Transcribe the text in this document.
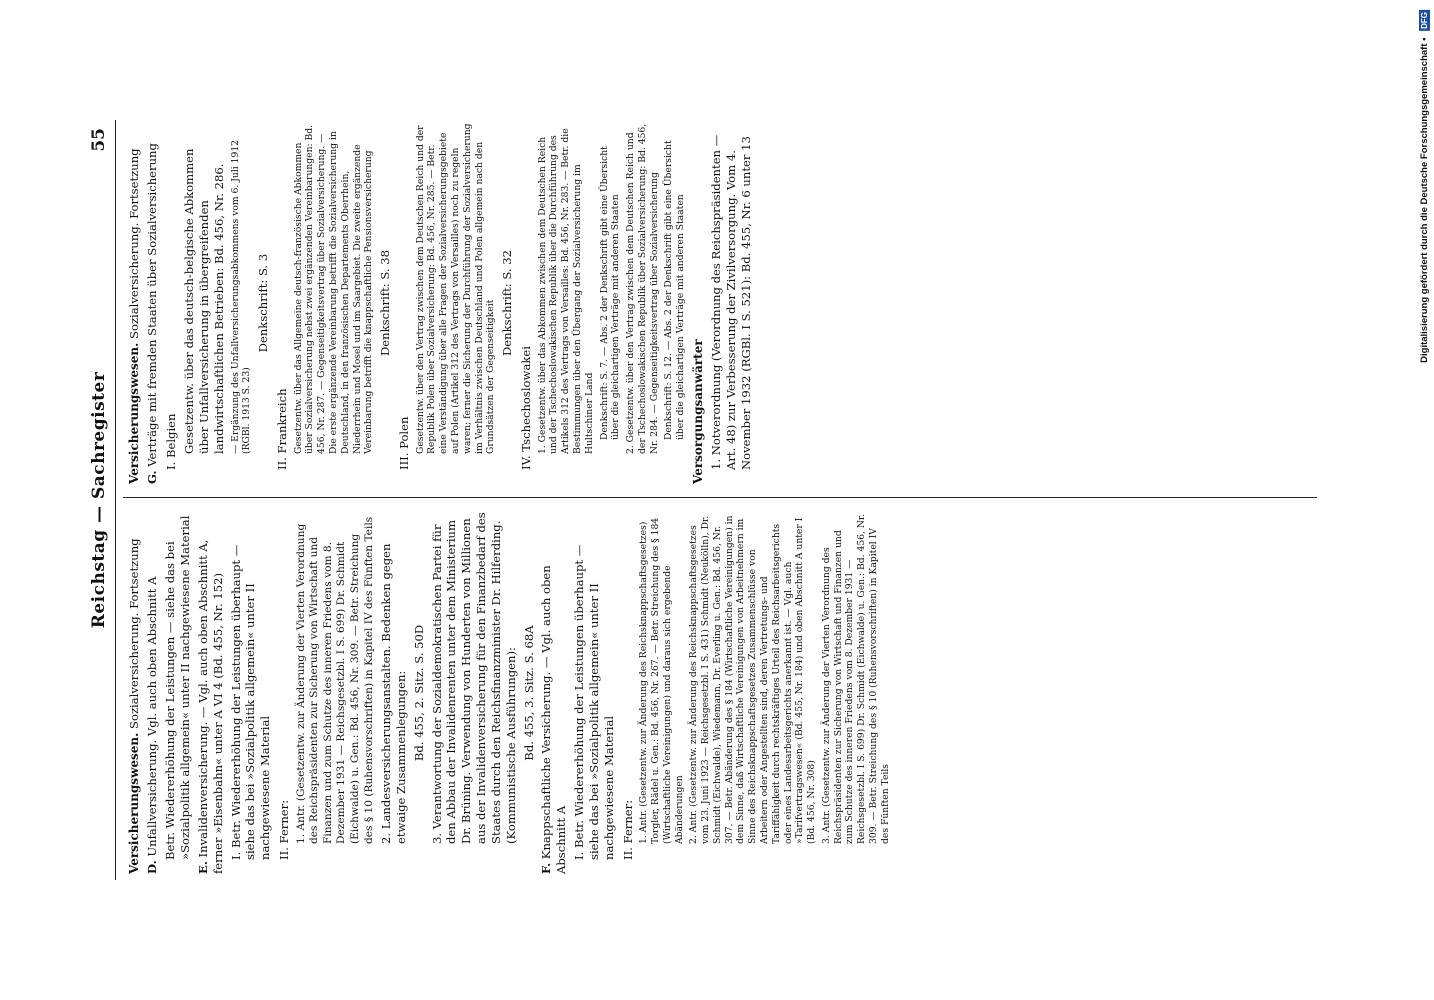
Reichstag — Sachregister
55
Versicherungswesen. Sozialversicherung. Fortsetzung
D. Unfallversicherung. Vgl. auch oben Abschnitt A Betr. Wiedererhöhung der Leistungen — siehe das bei »Sozialpolitik allgemein« unter II nachgewiesene Material
E. Invalidenversicherung. — Vgl. auch oben Abschnitt A, ferner »Eisenbahn« unter A VI 4 (Bd. 455, Nr. 152) I. Betr. Wiedererhöhung der Leistungen überhaupt — siehe das bei »Sozialpolitik allgemein« unter II nachgewiesene Material II. Ferner: 1. Antr. (Gesetzentw. zur Änderung der Vierten Verordnung des Reichspräsidenten zur Sicherung von Wirtschaft und Finanzen und zum Schutze des inneren Friedens vom 8. Dezember 1931 — Reichsgesetzbl. I S. 699) Dr. Schmidt (Eichwalde) u. Gen.: Bd. 456, Nr. 309. — Betr. Streichung des § 10 (Ruhensvorschriften) in Kapitel IV des Fünften Teils 2. Landesversicherungsanstalten. Bedenken gegen etwaige Zusammenlegungen: Bd. 455, 2. Sitz. S. 50D 3. Verantwortung der Sozialdemokratischen Partei für den Abbau der Invalidenrenten unter dem Ministerium Dr. Brüning. Verwendung von Hunderten von Millionen aus der Invalidenversicherung für den Finanzbedarf des Staates durch den Reichsfinanzminister Dr. Hilferding. (Kommunistische Ausführungen): Bd. 455, 3. Sitz. S. 68A
F. Knappschaftliche Versicherung. — Vgl. auch oben Abschnitt A I. Betr. Wiedererhöhung der Leistungen überhaupt — siehe das bei »Sozialpolitik allgemein« unter II nachgewiesene Material II. Ferner: 1. Antr. (Gesetzentw. zur Änderung des Reichsknappschaftsgesetzes) Torgler, Rädel u. Gen.: Bd. 456, Nr. 267. — Betr. Streichung des § 184 (Wirtschaftliche Vereinigungen) und daraus sich ergebende Abänderungen 2. Antr. (Gesetzentw. zur Änderung des Reichsknappschaftsgesetzes vom 23. Juni 1923 — Reichsgesetzbl. I S. 431) Schmidt (Neukölln), Dr. Schmidt (Eichwalde), Wiedemann, Dr. Everling u. Gen.: Bd. 456, Nr. 307. — Betr. Abänderung des § 184 (Wirtschaftliche Vereinigungen) in dem Sinne, daß Wirtschaftliche Vereinigungen von Arbeitnehmern im Sinne des Reichsknappschaftsgesetzes Zusammenschlüsse von Arbeitern oder Angestellten sind, deren Vertretungs- und Tariffähigkeit durch rechtskräftiges Urteil des Reichsarbeitsgerichts oder eines Landesarbeitsgerichts anerkannt ist. — Vgl. auch »Tarifvertragswesen« (Bd. 455, Nr. 184) und oben Abschnitt A unter I (Bd. 456, Nr. 308) 3. Antr. (Gesetzentw. zur Änderung der Vierten Verordnung des Reichspräsidenten zur Sicherung von Wirtschaft und Finanzen und zum Schutze des inneren Friedens vom 8. Dezember 1931 — Reichsgesetzbl. I S. 699) Dr. Schmidt (Eichwalde) u. Gen.: Bd. 456, Nr. 309. — Betr. Streichung des § 10 (Ruhensvorschriften) in Kapitel IV des Fünften Teils
Versicherungswesen. Sozialversicherung. Fortsetzung
G. Verträge mit fremden Staaten über Sozialversicherung I. Belgien Gesetzentw. über das deutsch-belgische Abkommen über Unfallversicherung in übergreifenden landwirtschaftlichen Betrieben: Bd. 456, Nr. 286. — Ergänzung des Unfallversicherungsabkommens vom 6. Juli 1912 (RGBl. 1913 S. 23)
Denkschrift: S. 3
II. Frankreich Gesetzentw. über das Allgemeine deutsch-französische Abkommen über Sozialversicherung nebst zwei ergänzenden Vereinbarungen: Bd. 456, Nr. 287. — Gegenseitigkeitsvertrag über Sozialversicherung. — Die erste ergänzende Vereinbarung betrifft die Sozialversicherung in Deutschland, in den französischen Departements Oberrhein, Niederrhein und Mosel und im Saargebiet. Die zweite ergänzende Vereinbarung betrifft die knappschaftliche Pensionsversicherung Denkschrift: S. 38
III. Polen Gesetzentw. über den Vertrag zwischen dem Deutschen Reich und der Republik Polen über Sozialversicherung: Bd. 456, Nr. 285. — Betr. eine Verständigung über alle Fragen der Sozialversicherungsgebiete auf Polen (Artikel 312 des Vertrags von Versailles) noch zu regeln waren; ferner die Sicherung der Durchführung der Sozialversicherung im Verhältnis zwischen Deutschland und Polen allgemein nach den Grundsätzen der Gegenseitigkeit Denkschrift: S. 32
IV. Tschechoslowakei 1. Gesetzentw. über das Abkommen zwischen dem Deutschen Reich und der Tschechoslowakischen Republik über die Durchführung des Artikels 312 des Vertrags von Versailles: Bd. 456, Nr. 283. — Betr. die Bestimmungen über den Übergang der Sozialversicherung im Hultschiner Land Denkschrift: S. 7. — Abs. 2 der Denkschrift gibt eine Übersicht über die gleichartigen Verträge mit anderen Staaten 2. Gesetzentw. über den Vertrag zwischen dem Deutschen Reich und der Tschechoslowakischen Republik über Sozialversicherung: Bd. 456, Nr. 284. — Gegenseitigkeitsvertrag über Sozialversicherung Denkschrift: S. 12. — Abs. 2 der Denkschrift gibt eine Übersicht über die gleichartigen Verträge mit anderen Staaten Versorgungsanwärter 1. Notverordnung (Verordnung des Reichspräsidenten — Art. 48) zur Verbesserung der Zivilversorgung. Vom 4. November 1932 (RGBl. I S. 521): Bd. 455, Nr. 6 unter 13	Digitalisierung gefördert durch die Deutsche Forschungsgemeinschaft • DFG
